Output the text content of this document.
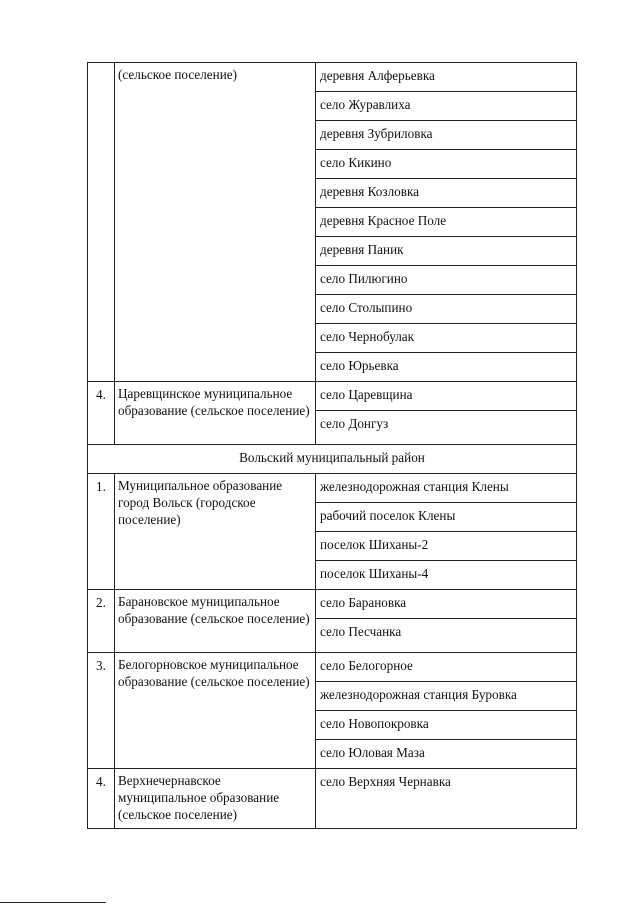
	(сельское поселение)	деревня Алферьевка

		село Журавлиха

		деревня Зубриловка

		село Кикино

		деревня Козловка

		деревня Красное Поле

		деревня Паник

		село Пилюгино

		село Столыпино

		село Чернобулак

		село Юрьевка

4.	Царевщинское муниципальное образование (сельское поселение)	село Царевщина

		село Донгуз

Вольский муниципальный район		

1.	Муниципальное образование город Вольск (городское поселение)	железнодорожная станция Клены

		рабочий поселок Клены

		поселок Шиханы-2

		поселок Шиханы-4

2.	Барановское муниципальное образование (сельское поселение)	село Барановка

		село Песчанка

3.	Белогорновское муниципальное образование (сельское поселение)	село Белогорное

		железнодорожная станция Буровка

		село Новопокровка

		село Юловая Маза

4.	Верхнечернавское муниципальное образование (сельское поселение)	село Верхняя Чернавка
